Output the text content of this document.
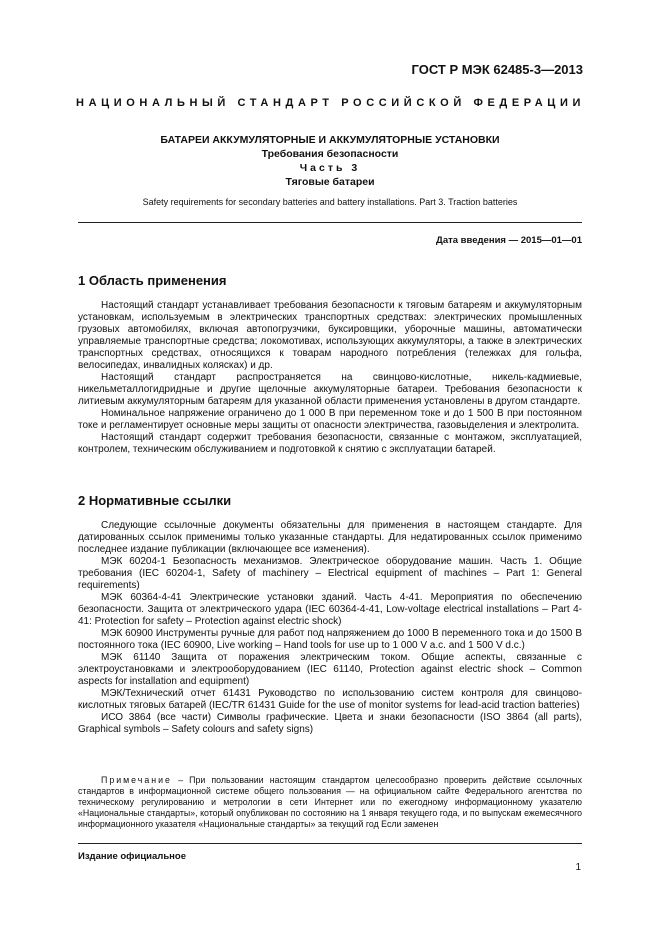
ГОСТ Р МЭК 62485-3—2013
НАЦИОНАЛЬНЫЙ СТАНДАРТ РОССИЙСКОЙ ФЕДЕРАЦИИ
БАТАРЕИ АККУМУЛЯТОРНЫЕ И АККУМУЛЯТОРНЫЕ УСТАНОВКИ
Требования безопасности
Часть 3
Тяговые батареи
Safety requirements for secondary batteries and battery installations. Part 3. Traction batteries
Дата введения — 2015—01—01
1 Область применения

Настоящий стандарт устанавливает требования безопасности к тяговым батареям и аккумуляторным установкам, используемым в электрических транспортных средствах: электрических промышленных грузовых автомобилях, включая автопогрузчики, буксировщики, уборочные машины, автоматически управляемые транспортные средства; локомотивах, использующих аккумуляторы, а также в электрических транспортных средствах, относящихся к товарам народного потребления (тележках для гольфа, велосипедах, инвалидных колясках) и др.

Настоящий стандарт распространяется на свинцово-кислотные, никель-кадмиевые, никельметаллогидридные и другие щелочные аккумуляторные батареи. Требования безопасности к литиевым аккумуляторным батареям для указанной области применения установлены в другом стандарте.

Номинальное напряжение ограничено до 1 000 В при переменном токе и до 1 500 В при постоянном токе и регламентирует основные меры защиты от опасности электричества, газовыделения и электролита.

Настоящий стандарт содержит требования безопасности, связанные с монтажом, эксплуатацией, контролем, техническим обслуживанием и подготовкой к снятию с эксплуатации батарей.

2 Нормативные ссылки

Следующие ссылочные документы обязательны для применения в настоящем стандарте. Для датированных ссылок применимы только указанные стандарты. Для недатированных ссылок применимо последнее издание публикации (включающее все изменения).

МЭК 60204-1 Безопасность механизмов. Электрическое оборудование машин. Часть 1. Общие требования (IEC 60204-1, Safety of machinery – Electrical equipment of machines – Part 1: General requirements)

МЭК 60364-4-41 Электрические установки зданий. Часть 4-41. Мероприятия по обеспечению безопасности. Защита от электрического удара (IEC 60364-4-41, Low-voltage electrical installations – Part 4-41: Protection for safety – Protection against electric shock)

МЭК 60900 Инструменты ручные для работ под напряжением до 1000 В переменного тока и до 1500 В постоянного тока (IEC 60900, Live working – Hand tools for use up to 1 000 V a.c. and 1 500 V d.c.)

МЭК 61140 Защита от поражения электрическим током. Общие аспекты, связанные с электроустановками и электрооборудованием (IEC 61140, Protection against electric shock – Common aspects for installation and equipment)

МЭК/Технический отчет 61431 Руководство по использованию систем контроля для свинцово-кислотных тяговых батарей (IEC/TR 61431 Guide for the use of monitor systems for lead-acid traction batteries)

ИСО 3864 (все части) Символы графические. Цвета и знаки безопасности (ISO 3864 (all parts), Graphical symbols – Safety colours and safety signs)

Примечание – При пользовании настоящим стандартом целесообразно проверить действие ссылочных стандартов в информационной системе общего пользования — на официальном сайте Федерального агентства по техническому регулированию и метрологии в сети Интернет или по ежегодному информационному указателю «Национальные стандарты», который опубликован по состоянию на 1 января текущего года, и по выпускам ежемесячного информационного указателя «Национальные стандарты» за текущий год Если заменен
Издание официальное
1
